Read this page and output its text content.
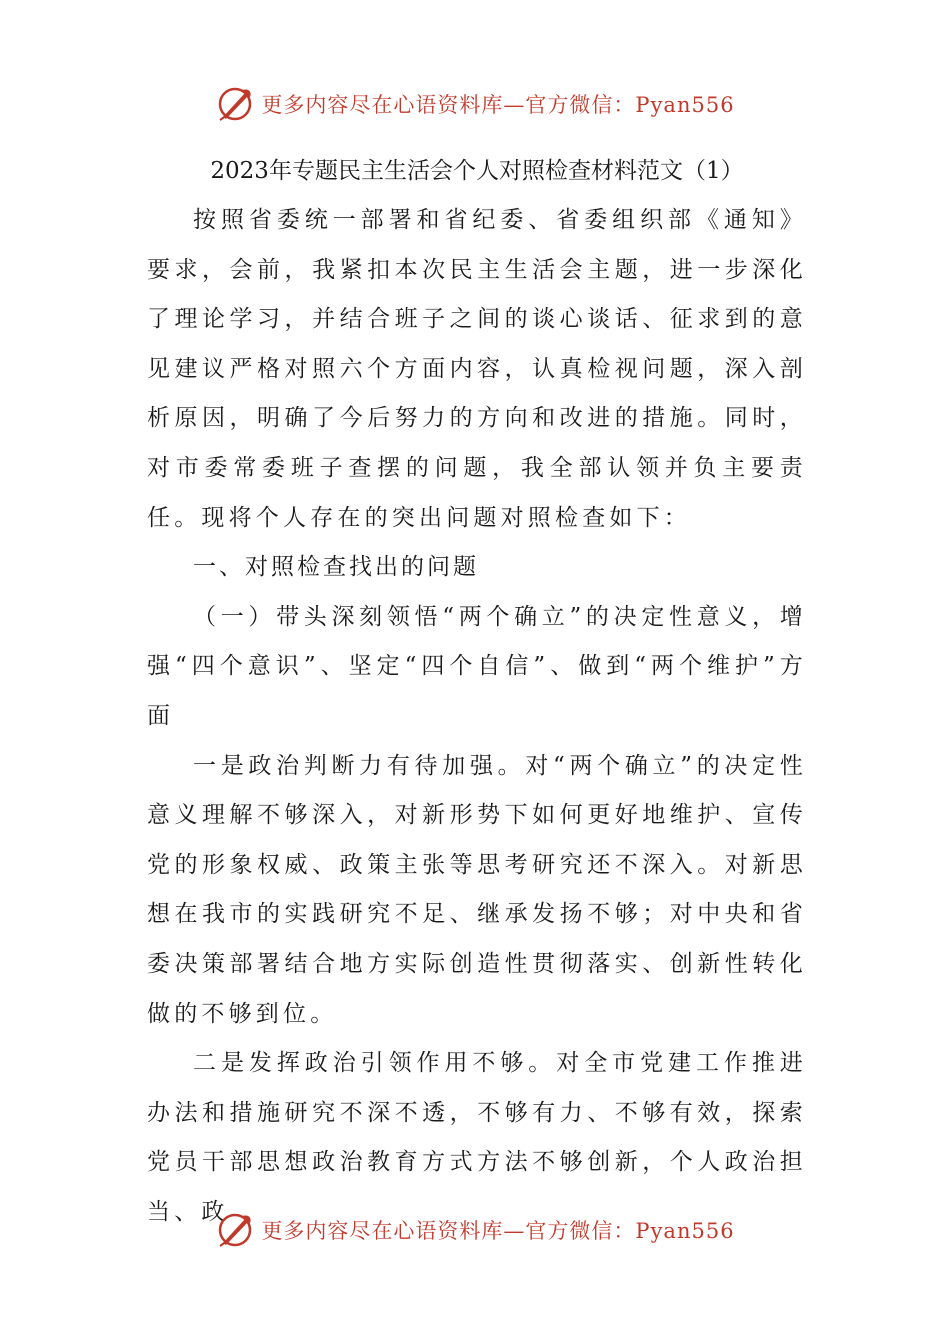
更多内容尽在心语资料库—官方微信：Pyan556
2023年专题民主生活会个人对照检查材料范文（1）

按照省委统一部署和省纪委、省委组织部《通知》要求，会前，我紧扣本次民主生活会主题，进一步深化了理论学习，并结合班子之间的谈心谈话、征求到的意见建议严格对照六个方面内容，认真检视问题，深入剖析原因，明确了今后努力的方向和改进的措施。同时，对市委常委班子查摆的问题，我全部认领并负主要责任。现将个人存在的突出问题对照检查如下：

一、对照检查找出的问题

（一）带头深刻领悟“两个确立”的决定性意义，增强“四个意识”、坚定“四个自信”、做到“两个维护”方面

一是政治判断力有待加强。对“两个确立”的决定性意义理解不够深入，对新形势下如何更好地维护、宣传党的形象权威、政策主张等思考研究还不深入。对新思想在我市的实践研究不足、继承发扬不够；对中央和省委决策部署结合地方实际创造性贯彻落实、创新性转化做的不够到位。

二是发挥政治引领作用不够。对全市党建工作推进办法和措施研究不深不透，不够有力、不够有效，探索党员干部思想政治教育方式方法不够创新，个人政治担当、政

更多内容尽在心语资料库—官方微信：Pyan556
